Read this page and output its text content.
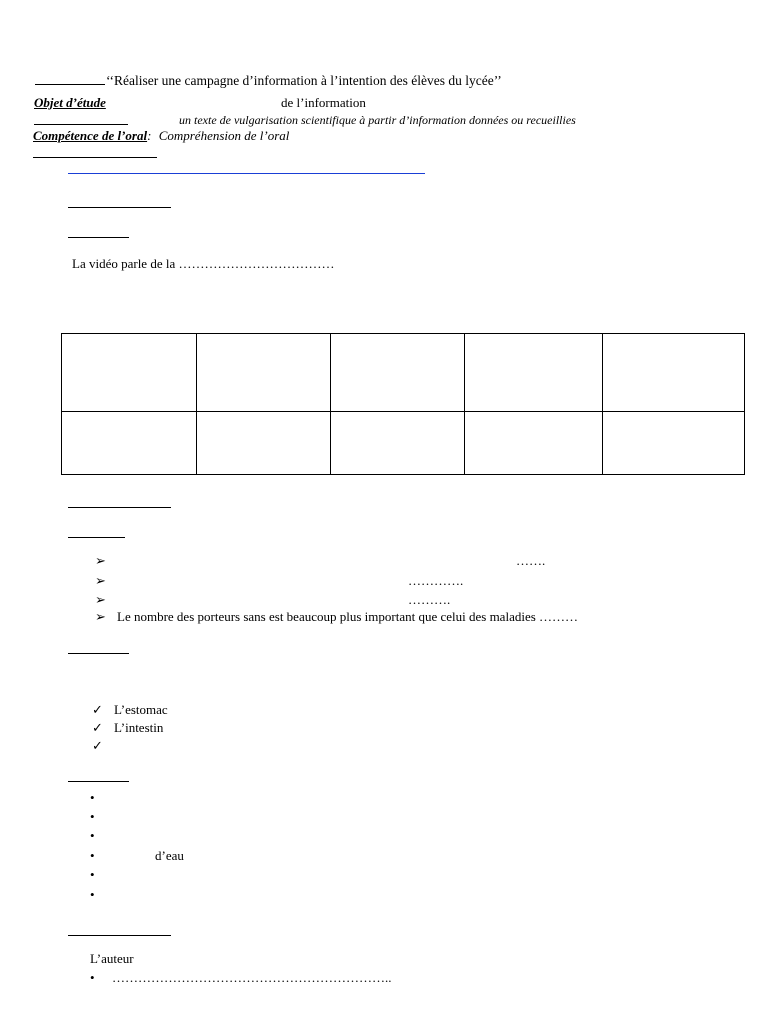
‘‘Réaliser une campagne d’information à l’intention des élèves du lycée’’
Objet d’étude	de l’information
un texte de vulgarisation scientifique à partir d’information données ou recueillies
Compétence de l’oral: Compréhension de l’oral
La vidéo parle de la ………………………………

➢	…….
➢	………….
➢	……….
➢ Le nombre des porteurs sans est beaucoup plus important que celui des maladies ………
✓ L’estomac
✓ L’intestin
✓
•
•
•
•	d’eau
•
•
L’auteur
• ………………………………………………………..
